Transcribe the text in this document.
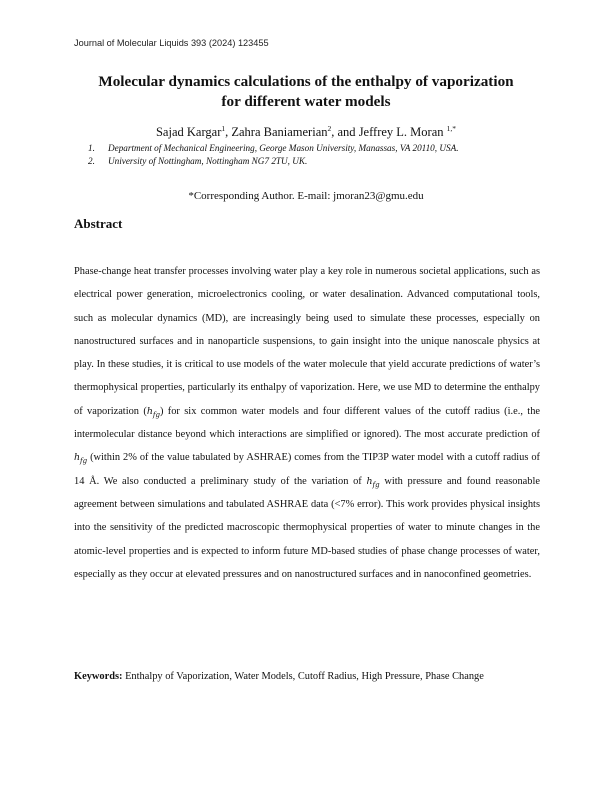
Journal of Molecular Liquids 393 (2024) 123455
Molecular dynamics calculations of the enthalpy of vaporization
for different water models
Sajad Kargar$^1$, Zahra Baniamerian$^2$, and Jeffrey L. Moran $^{1,*}$
1.	Department of Mechanical Engineering, George Mason University, Manassas, VA 20110, USA.
2.	University of Nottingham, Nottingham NG7 2TU, UK.
*Corresponding Author. E-mail: jmoran23@gmu.edu
Abstract
Phase-change heat transfer processes involving water play a key role in numerous societal applications, such as electrical power generation, microelectronics cooling, or water desalination. Advanced computational tools, such as molecular dynamics (MD), are increasingly being used to simulate these processes, especially on nanostructured surfaces and in nanoparticle suspensions, to gain insight into the unique nanoscale physics at play. In these studies, it is critical to use models of the water molecule that yield accurate predictions of water’s thermophysical properties, particularly its enthalpy of vaporization. Here, we use MD to determine the enthalpy of vaporization $(h_{fg})$ for six common water models and four different values of the cutoff radius (i.e., the intermolecular distance beyond which interactions are simplified or ignored). The most accurate prediction of $h_{fg}$ (within 2% of the value tabulated by ASHRAE) comes from the TIP3P water model with a cutoff radius of 14 Å. We also conducted a preliminary study of the variation of $h_{fg}$ with pressure and found reasonable agreement between simulations and tabulated ASHRAE data (<7% error). This work provides physical insights into the sensitivity of the predicted macroscopic thermophysical properties of water to minute changes in the atomic-level properties and is expected to inform future MD-based studies of phase change processes of water, especially as they occur at elevated pressures and on nanostructured surfaces and in nanoconfined geometries.
Keywords: Enthalpy of Vaporization, Water Models, Cutoff Radius, High Pressure, Phase Change
